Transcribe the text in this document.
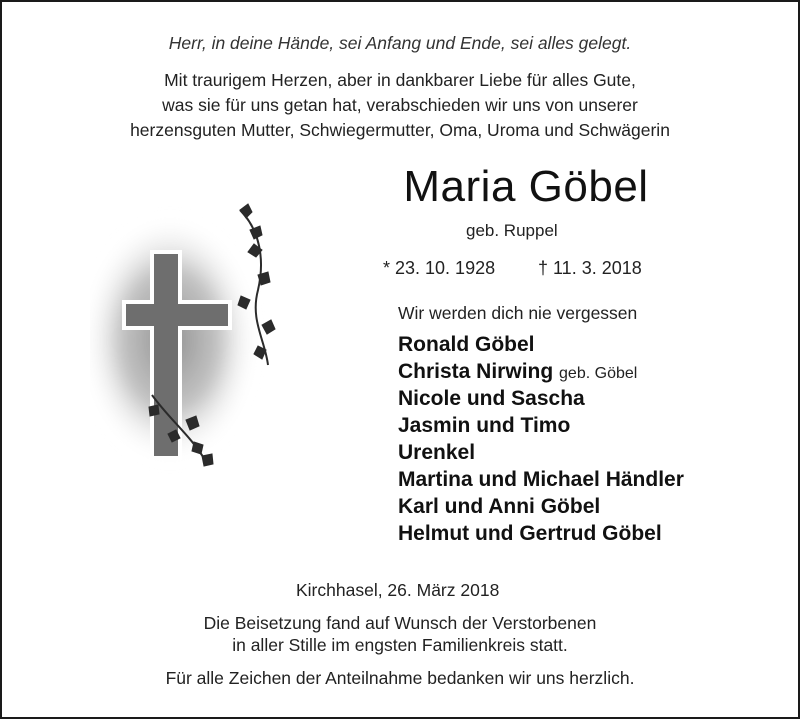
Herr, in deine Hände, sei Anfang und Ende, sei alles gelegt.
Mit traurigem Herzen, aber in dankbarer Liebe für alles Gute,
was sie für uns getan hat, verabschieden wir uns von unserer
herzensguten Mutter, Schwiegermutter, Oma, Uroma und Schwägerin
Maria Göbel
geb. Ruppel
* 23. 10. 1928 † 11. 3. 2018
Wir werden dich nie vergessen
Ronald Göbel
Christa Nirwing geb. Göbel
Nicole und Sascha
Jasmin und Timo
Urenkel
Martina und Michael Händler
Karl und Anni Göbel
Helmut und Gertrud Göbel
Kirchhasel, 26. März 2018
Die Beisetzung fand auf Wunsch der Verstorbenen
in aller Stille im engsten Familienkreis statt.
Für alle Zeichen der Anteilnahme bedanken wir uns herzlich.
